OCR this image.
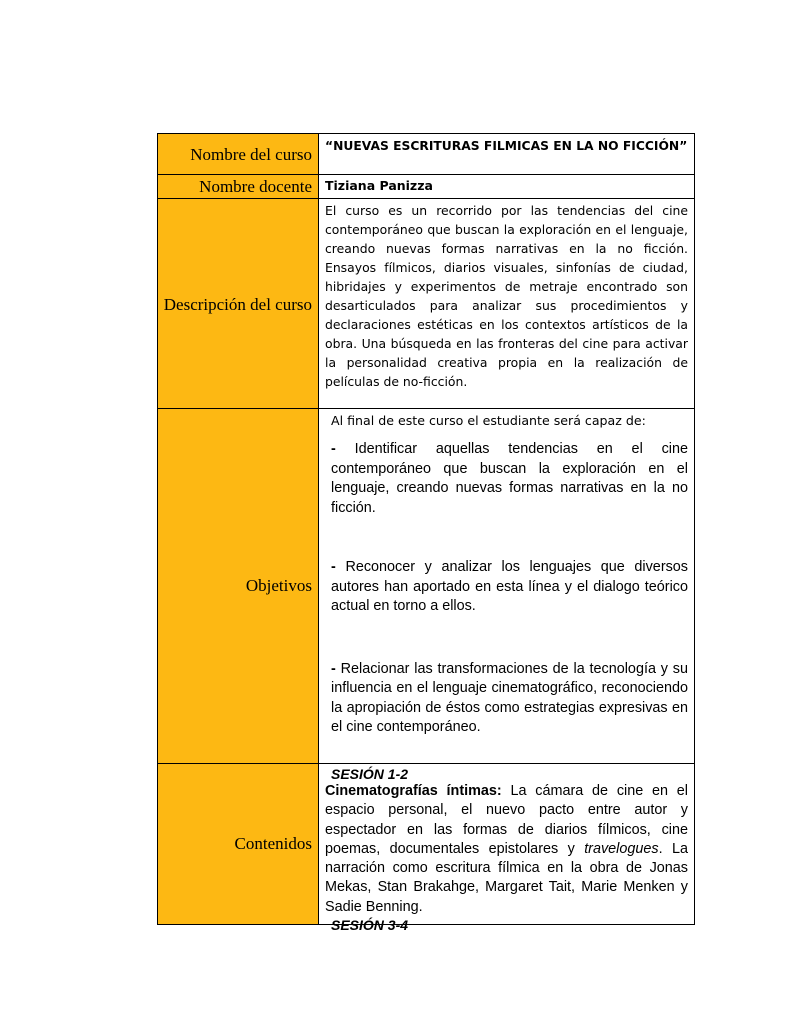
Nombre del curso	“NUEVAS ESCRITURAS FILMICAS EN LA NO FICCIÓN”
Nombre docente	Tiziana Panizza
Descripción del curso

El curso es un recorrido por las tendencias del cine contemporáneo que buscan la exploración en el lenguaje, creando nuevas formas narrativas en la no ficción. Ensayos fílmicos, diarios visuales, sinfonías de ciudad, hibridajes y experimentos de metraje encontrado son desarticulados para analizar sus procedimientos y declaraciones estéticas en los contextos artísticos de la obra. Una búsqueda en las fronteras del cine para activar la personalidad creativa propia en la realización de películas de no-ficción.

Objetivos

Al final de este curso el estudiante será capaz de:

- Identificar aquellas tendencias en el cine contemporáneo que buscan la exploración en el lenguaje, creando nuevas formas narrativas en la no ficción.

- Reconocer y analizar los lenguajes que diversos autores han aportado en esta línea y el dialogo teórico actual en torno a ellos.

- Relacionar las transformaciones de la tecnología y su influencia en el lenguaje cinematográfico, reconociendo la apropiación de éstos como estrategias expresivas en el cine contemporáneo.

Contenidos
SESIÓN 1-2

Cinematografías íntimas: La cámara de cine en el espacio personal, el nuevo pacto entre autor y espectador en las formas de diarios fílmicos, cine poemas, documentales epistolares y travelogues. La narración como escritura fílmica en la obra de Jonas Mekas, Stan Brakahge, Margaret Tait, Marie Menken y Sadie Benning.

SESIÓN 3-4
